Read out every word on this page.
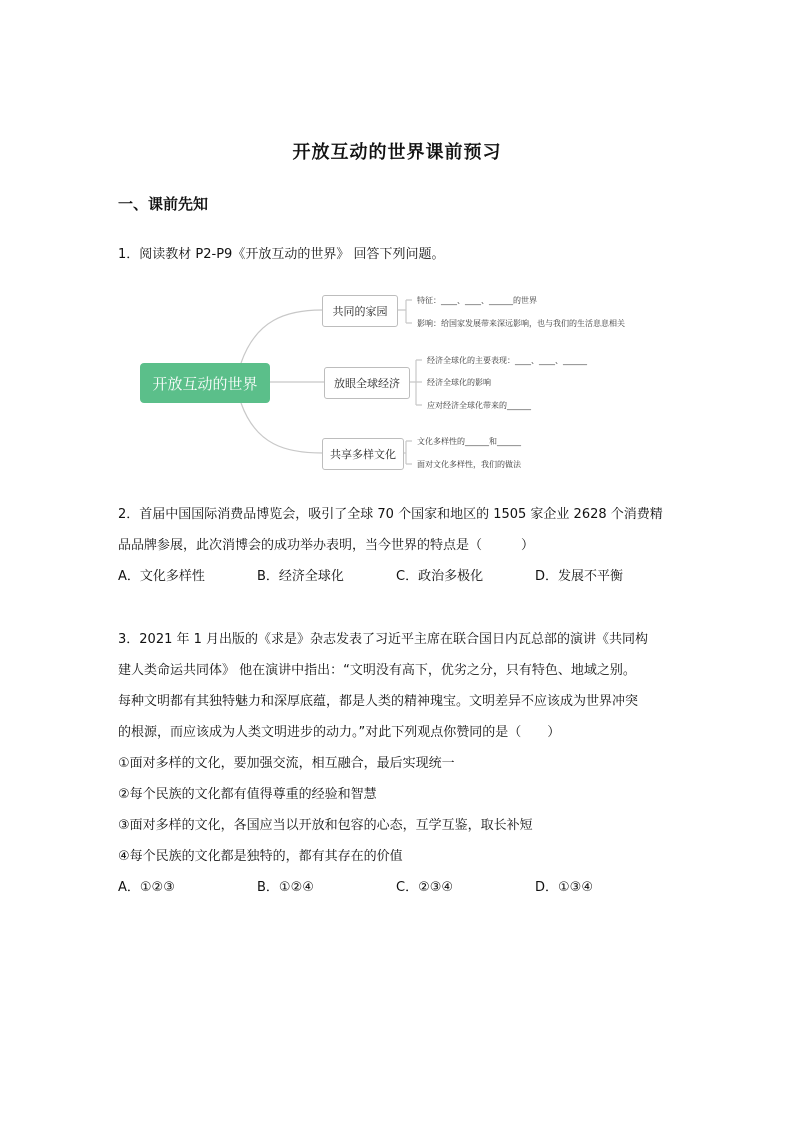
开放互动的世界课前预习
一、课前先知
1．阅读教材 P2-P9《开放互动的世界》 回答下列问题。
开放互动的世界
共同的家园
放眼全球经济
共享多样文化
特征：____、____、______的世界
影响：给国家发展带来深远影响，也与我们的生活息息相关
经济全球化的主要表现：____、____、______
经济全球化的影响
应对经济全球化带来的______
文化多样性的______和______
面对文化多样性，我们的做法
2．首届中国国际消费品博览会，吸引了全球 70 个国家和地区的 1505 家企业 2628 个消费精
品品牌参展，此次消博会的成功举办表明，当今世界的特点是（　　　）
A．文化多样性	B．经济全球化	C．政治多极化	D．发展不平衡
3．2021 年 1 月出版的《求是》杂志发表了习近平主席在联合国日内瓦总部的演讲《共同构
建人类命运共同体》 他在演讲中指出：“文明没有高下，优劣之分，只有特色、地域之别。
每种文明都有其独特魅力和深厚底蕴，都是人类的精神瑰宝。文明差异不应该成为世界冲突
的根源，而应该成为人类文明进步的动力。”对此下列观点你赞同的是（　　）
①面对多样的文化，要加强交流，相互融合，最后实现统一
②每个民族的文化都有值得尊重的经验和智慧
③面对多样的文化，各国应当以开放和包容的心态，互学互鉴，取长补短
④每个民族的文化都是独特的，都有其存在的价值
A．①②③	B．①②④	C．②③④	D．①③④
